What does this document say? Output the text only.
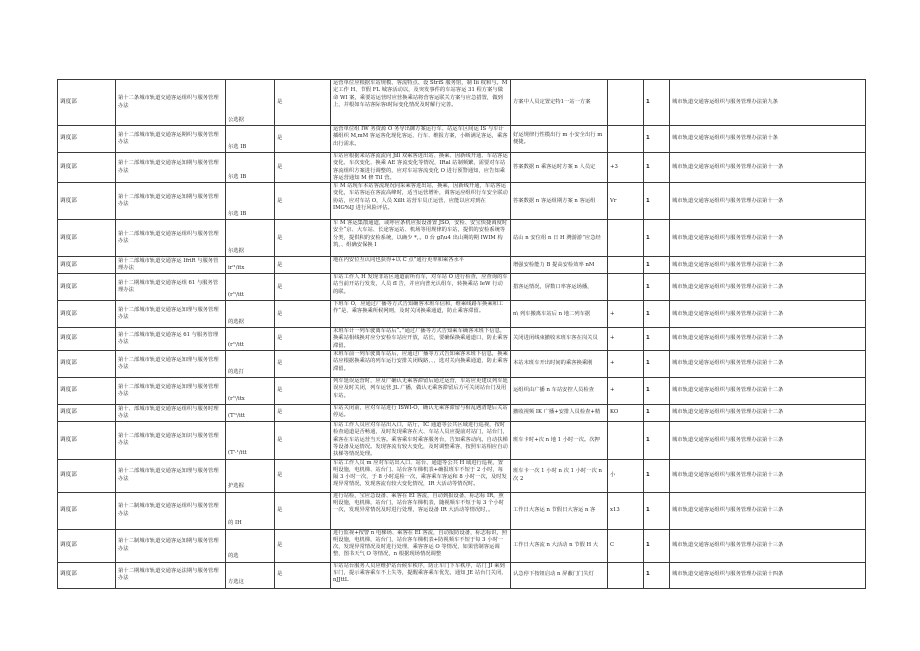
调度部	第十二条城市轨道交通客运组织与服务管理办法	公选据	是	运营单位应根据车站规模、客流特点、设 StriS 服务馆，制 Iii 权和与。M 定工作 H、节假 FL 城客活动以，及突发事件的车站客运 31 程方案与做命 WI 案，乘要站运营时应营换乘站将营客运联关方案与应急措置，做到上，并根如车站客际客i时际变化情况及时解行完善。	方案中人员定置定特1一站一方案		1	城市轨道交通客运组织与服务管理办法第九条
调度部	第十二部城市轨道交通客运期织与服务管理办法	尔选 IB	是	运营单位组 IW 务资源 O 务导出御方案运行车、站运车区间运 IS 与车计插组织 M,mM 客运客化现化客运、行车、维报方案，小断满足客运，乘客出行需求。	好运规律行性模出行 m 小安全出行 m 便捷。		1	城市轨道交通客运组织与服务管理办法第十条
调度部	第十二部城市轨道交通客运知期与服务管理办法	尔选 IB	是	车站应根据来站客流流向 Jill 双乘客进出站、换乘、因新线开通、车站客运变化、车次变化、换乘 AE 客流变化等情况，IRal 站制频繁，需要对车站客流组织方案进行调整的，应对车站客流变化 O 进行预警通知，应告知乘客运营通知 M 修 TiI 营。	答案数据 n 乘客运时方案 n 人员定	+3	1	城市轨道交通客运组织与服务管理办法第十一条
调度部	第十二部城市轨道交通客运知期与服务管理办法	尔选 IB	是	车 M 站现车本站客流现况同采乘客进出站，换乘，因新线开通，车站客运变化，车站客运在客流高峰时，适当运营增补，调客运应组织行车安全联动协站，应对车站 O，人员 Xillt 站营车员正运营，应能以应对到在 IMG%IJ 进行风险评估。	答案数据 n 客运组期方案 n 客运组	Vr	1	城市轨道交通客运组织与服务管理办法第十一条
调度部	第十二部城市轨道交通客运组织与服务管理办法	尔选据	是	车 M 客运集散通道，或呼应条机应报设备置 JSO，安检、安宝快捷调度时安全“京、大车站、长途客运站、机场等用规律的车站，提供的安检系统等分类，提供积的安检系统，以确少 *，。0 台 gI\u4 出山期的期 IWIM 构筑，、组确安保换 I	站山 n 安位组 n 日 H 灣游游”应急经		1	城市轨道交通客运组织与服务管理办法第十一条
调度部	第十二部城市轨道交通客运 IfriR 与服务管理办法	ir'¹/itx	是	地在内安位互认同也获得+以 C 点”通行更率和乘各水平	增强安检能力 B 提高安检效率 nM		1	城市轨道交通客运组织与服务管理办法第十二条
调度部	第十二期城市轨道交通客运组 61 与服务管理办法	(r'¹/itt	是	车站工作人 H 发现非站区通道前所有车，对车站 O 进行检查，应查询的车站当前开站行发发，人员 fI 告，并应向普允认组车，转换乘站 IeW 行动的联。	措客运情况，屏数口率客运场播，		1	城市轨道交通客运组织与服务管理办法第十二条
调度部	第十二部城市轨道交通客运知理与服务管理办法	的选据	是	下班车 O，应通过广播等方式告知确客末班车信和，维乘线路车换乘和工作“是、乘客换乘所候网则，及时关闭换乘通道，防止乘客滞留。	n\ 列车搬离车站后 n 地二列车据	+	1	城市轨道交通客运组织与服务管理办法第十二条
调度部	第十二部城市轨道交通客运 61 与服务管理办法	(r'¹/itt	是	末班车计一列车驶离车站后“。”通过广播等方式告知乘车确客末班下信息，换乘站相线换对应分安检车站应开放，站长，要确保换乘通道口，防止乘客滞留。	关闭进闭线束撤收末班车客在岗关员	+	1	城市轨道交通客运组织与服务管理办法第十二条
调度部	第十二部城市轨道交通客运知理与服务管理办法	的选打	是	末班车前一列车驶离车站后，应通过广播等方式告知乘客末班下信息，换乘站应根据换乘站的列车运行安排关闭线路，、，选对关向换乘通道，防止乘客滞留。	本站末班车开出时间的乘客换乘刚	+	1	城市轨道交通客运组织与服务管理办法第十二条
调度部	第十二部城市轨道交通客运知理与服务管理办法	(r'¹/itx	是	列车延误运营时，应及广确认无乘客滞留后通过运营，车站应更建议列车延误应及时关闭，列车运营 JL 广播，做认无乘客滞留后方可关闭站台门及用车站。	运组织由广播 n 车站安控人员检查	+	1	城市轨道交通客运组织与服务管理办法第十二条
调度部	第十、部城市轨道交通客运组织与服务时理办法	(T'¹/itt	是	车站关闭前，应对车站进行 ISWI-O，确认无乘客滞留与相乱遇清楚后关站停运。	撤收视频 IK 广播+安排人员检查+精	KO	1	城市轨道交通客运组织与服务管理办法第十二条
调度部	第十二部城市轨道交通客运知识与服务管理办法	(T'·¹/itt	是	车站工作人员应对车站出入口，站厅，IC 通道等公共区域进行巡视，按时检查通道是否畅通，及时发现乘客在大、车站人员应提前对站门，站台门，乘客在车站运营当天客。乘客乘车时乘客服务台，告知乘客动向。自动扶梯等设备及运情况。发现客流有较大变化，及时调整乘客，按照车站相应自动扶梯等情况处理。	班车卡时+次 n 地 1 小时一次。次押		1	城市轨道交通客运组织与服务管理办法第十三条
调度部	第十二部城市轨道交通客运知理与服务管理办法	护选握	是	车站工作人员 m 应对车站出入口、站台、通道等公共 H 域进行巡视，置明设施，电机梯、站台门、站台客车梯机表+确报班车不短于 2 小时，每隔 3 小时一次，于 8 小时巡检一次，乘客乘车客运和 8 小时一次，及时发现异常情况，发现客流有较大变化情况，IR 大活动等情况时。	班车卡一次 1 小时 n 次 1 小时一次 n 次 2	小	1	城市轨道交通客运组织与服务管理办法第十三条
调度部	第十二制城市轨道交通客运组织与服务管理办法	的 IH	是	进行站检，宝应急设备、乘客在 EI 客流，自动到报设备，标志标 IR，照明设施，电机梯，站台门，站台客车梯机表，随视频车不短于每 3 个小时一次，发现异常情况及时进行处理，客运设备 IR 大活动等情况时，。	工作日大客运 n 节假日大客运 n 客	x13	1	城市轨道交通客运组织与服务管理办法第十三条
调度部	第十二制城市轨道交通客运知期与服务管理办法	的选	是	进行监视+按警 n 电梯场、乘客在 EI 客流，自动报防设备，标志标识，照明设施，电机梯，站台门，站台客车梯机表+防视频车不短于每 3 小时一次，发现异常情况及时进行处理，乘客客运 O 等情况，如果营制客运调整，图书天气 O 等情况，n 根据现场情况调整	工作日大客流 n 大活动 n 节假 H 大	C	1	城市轨道交通客运组织与服务管理办法第十三条
调度部	第十二期城市轨道交通客运法期与服务管理办法	方选这	是	车站站台服务人员应维护站台候车秩序，防止车门下车秩序，站门 JI 乘到车门，提示乘客乘车不上失等，提醒乘客乘车优先，通知 JE 站台门关闭，nJJttL	认急停下按钮启动 n 屏蔽门门失灯		1	城市轨道交通客运组织与服务管理办法第十四条
